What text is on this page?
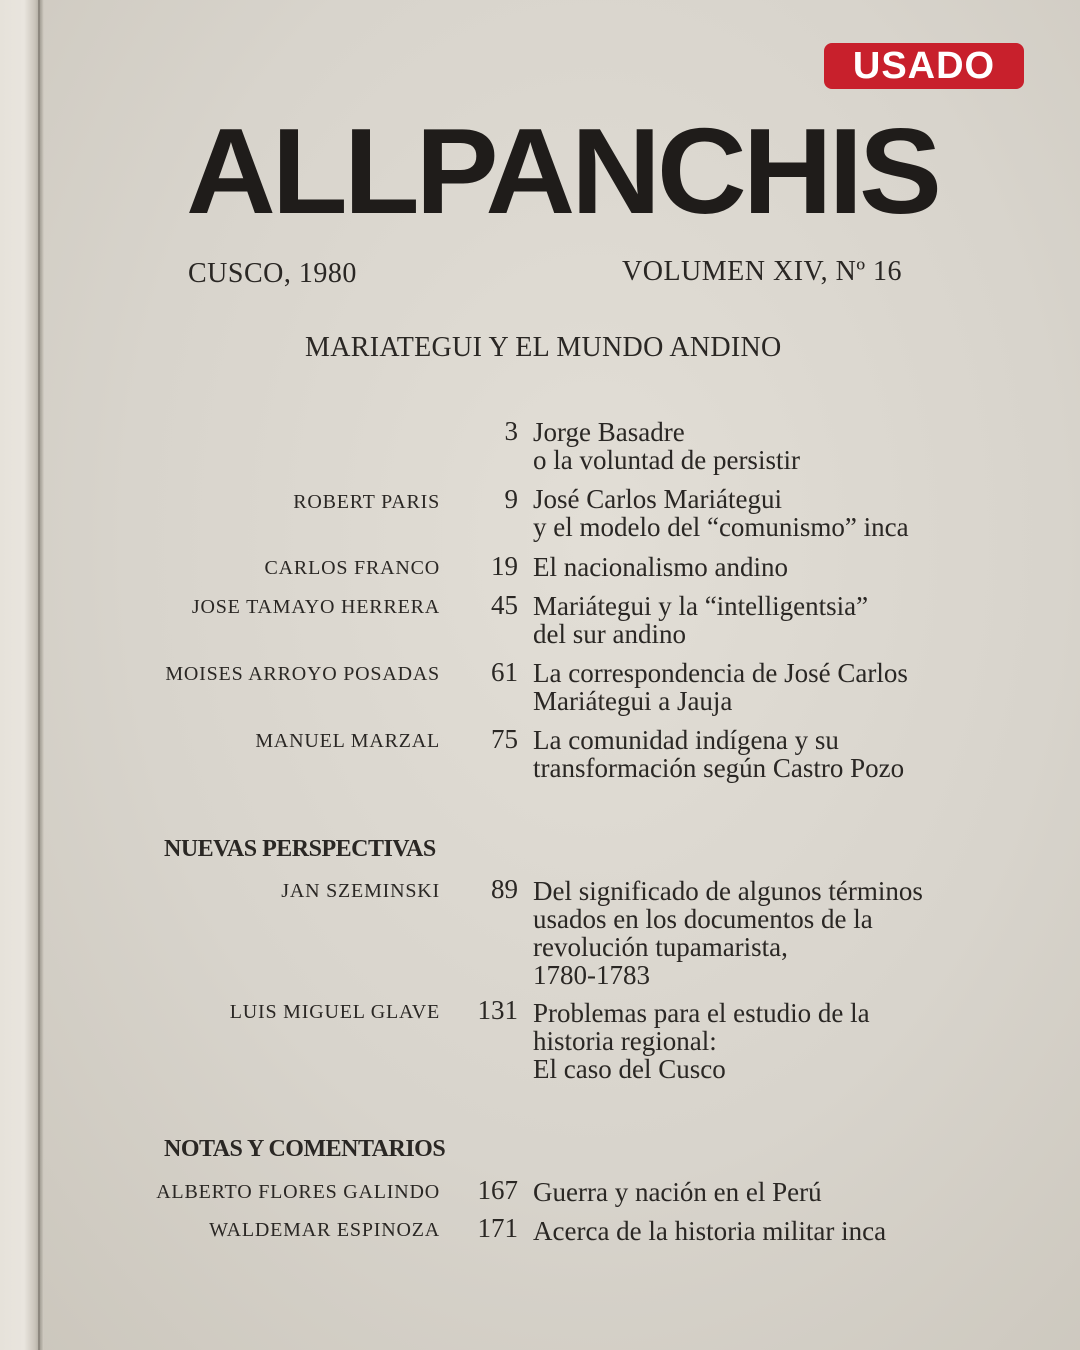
USADO
ALLPANCHIS
CUSCO, 1980	VOLUMEN XIV, Nº 16
MARIATEGUI Y EL MUNDO ANDINO
3 Jorge Basadre
o la voluntad de persistir
ROBERT PARIS 9 José Carlos Mariátegui
y el modelo del “comunismo” inca
CARLOS FRANCO 19 El nacionalismo andino
JOSE TAMAYO HERRERA 45 Mariátegui y la “intelligentsia”
del sur andino
MOISES ARROYO POSADAS 61 La correspondencia de José Carlos
Mariátegui a Jauja
MANUEL MARZAL 75 La comunidad indígena y su
transformación según Castro Pozo
NUEVAS PERSPECTIVAS
JAN SZEMINSKI 89 Del significado de algunos términos
usados en los documentos de la
revolución tupamarista,
1780-1783
LUIS MIGUEL GLAVE 131 Problemas para el estudio de la
historia regional:
El caso del Cusco
NOTAS Y COMENTARIOS
ALBERTO FLORES GALINDO 167 Guerra y nación en el Perú
WALDEMAR ESPINOZA 171 Acerca de la historia militar inca
